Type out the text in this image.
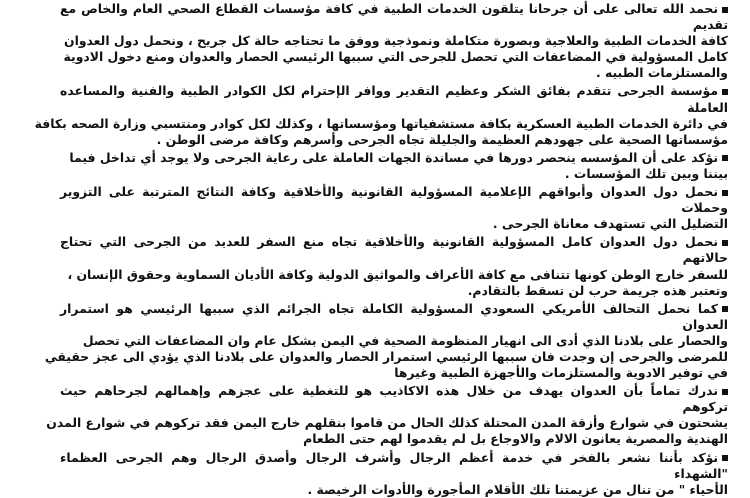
نحمد الله تعالى على أن جرحانا يتلقون الخدمات الطبية في كافة مؤسسات القطاع الصحي العام والخاص مع تقديم
كافة الخدمات الطبية والعلاجية وبصورة متكاملة ونموذجية ووفق ما تحتاجه حالة كل جريح ، ونحمل دول العدوان
كامل المسؤولية في المضاعفات التي تحصل للجرحى التي سببها الرئيسي الحصار والعدوان ومنع دخول الادوية
والمستلزمات الطبيه .

مؤسسة الجرحى تتقدم بفائق الشكر وعظيم التقدير ووافر الإحترام لكل الكوادر الطبية والفنية والمساعده العاملة
في دائرة الخدمات الطبية العسكرية بكافة مستشفياتها ومؤسساتها ، وكذلك لكل كوادر ومنتسبي وزارة الصحه بكافة
مؤسساتها الصحية على جهودهم العظيمة والجليلة تجاه الجرحى وأسرهم وكافة مرضى الوطن .

نؤكد على أن المؤسسه ينحصر دورها في مساندة الجهات العاملة على رعاية الجرحى ولا يوجد أي تداخل فيما
بيننا وبين تلك المؤسسات .

نحمل دول العدوان وأبواقهم الإعلامية المسؤولية القانونية والأخلاقية وكافة النتائج المترتبة على التزوير وحملات
التضليل التي تستهدف معاناة الجرحى .

نحمل دول العدوان كامل المسؤولية القانونية والأخلاقية تجاه منع السفر للعديد من الجرحى التي تحتاج حالاتهم
للسفر خارج الوطن كونها تتنافى مع كافة الأعراف والمواثيق الدولية وكافة الأديان السماوية وحقوق الإنسان ،
وتعتبر هذه جريمة حرب لن تسقط بالتقادم.

كما نحمل التحالف الأمريكي السعودي المسؤولية الكاملة تجاه الجرائم الذي سببها الرئيسي هو استمرار العدوان
والحصار على بلادنا الذي أدى الى انهيار المنظومة الصحية في اليمن بشكل عام وان المضاعفات التي تحصل
للمرضى والجرحى إن وجدت فان سببها الرئيسي استمرار الحصار والعدوان على بلادنا الذي يؤدي الى عجز حقيقي
في توفير الادوية والمستلزمات والأجهزة الطبية وغيرها

ندرك تماماً بأن العدوان يهدف من خلال هذه الاكاذيب هو للتغطية على عجزهم وإهمالهم لجرحاهم حيث تركوهم
يشحتون في شوارع وأزقة المدن المحتلة كذلك الحال من قاموا بنقلهم خارج اليمن فقد تركوهم في شوارع المدن
الهندية والمصرية يعانون الالام والاوجاع بل لم يقدموا لهم حتى الطعام

نؤكد بأننا نشعر بالفخر في خدمة أعظم الرجال وأشرف الرجال وأصدق الرجال وهم الجرحى العظماء "الشهداء
الأحياء " من تنال من عزيمتنا تلك الأقلام المأجورة والأدوات الرخيصة .
